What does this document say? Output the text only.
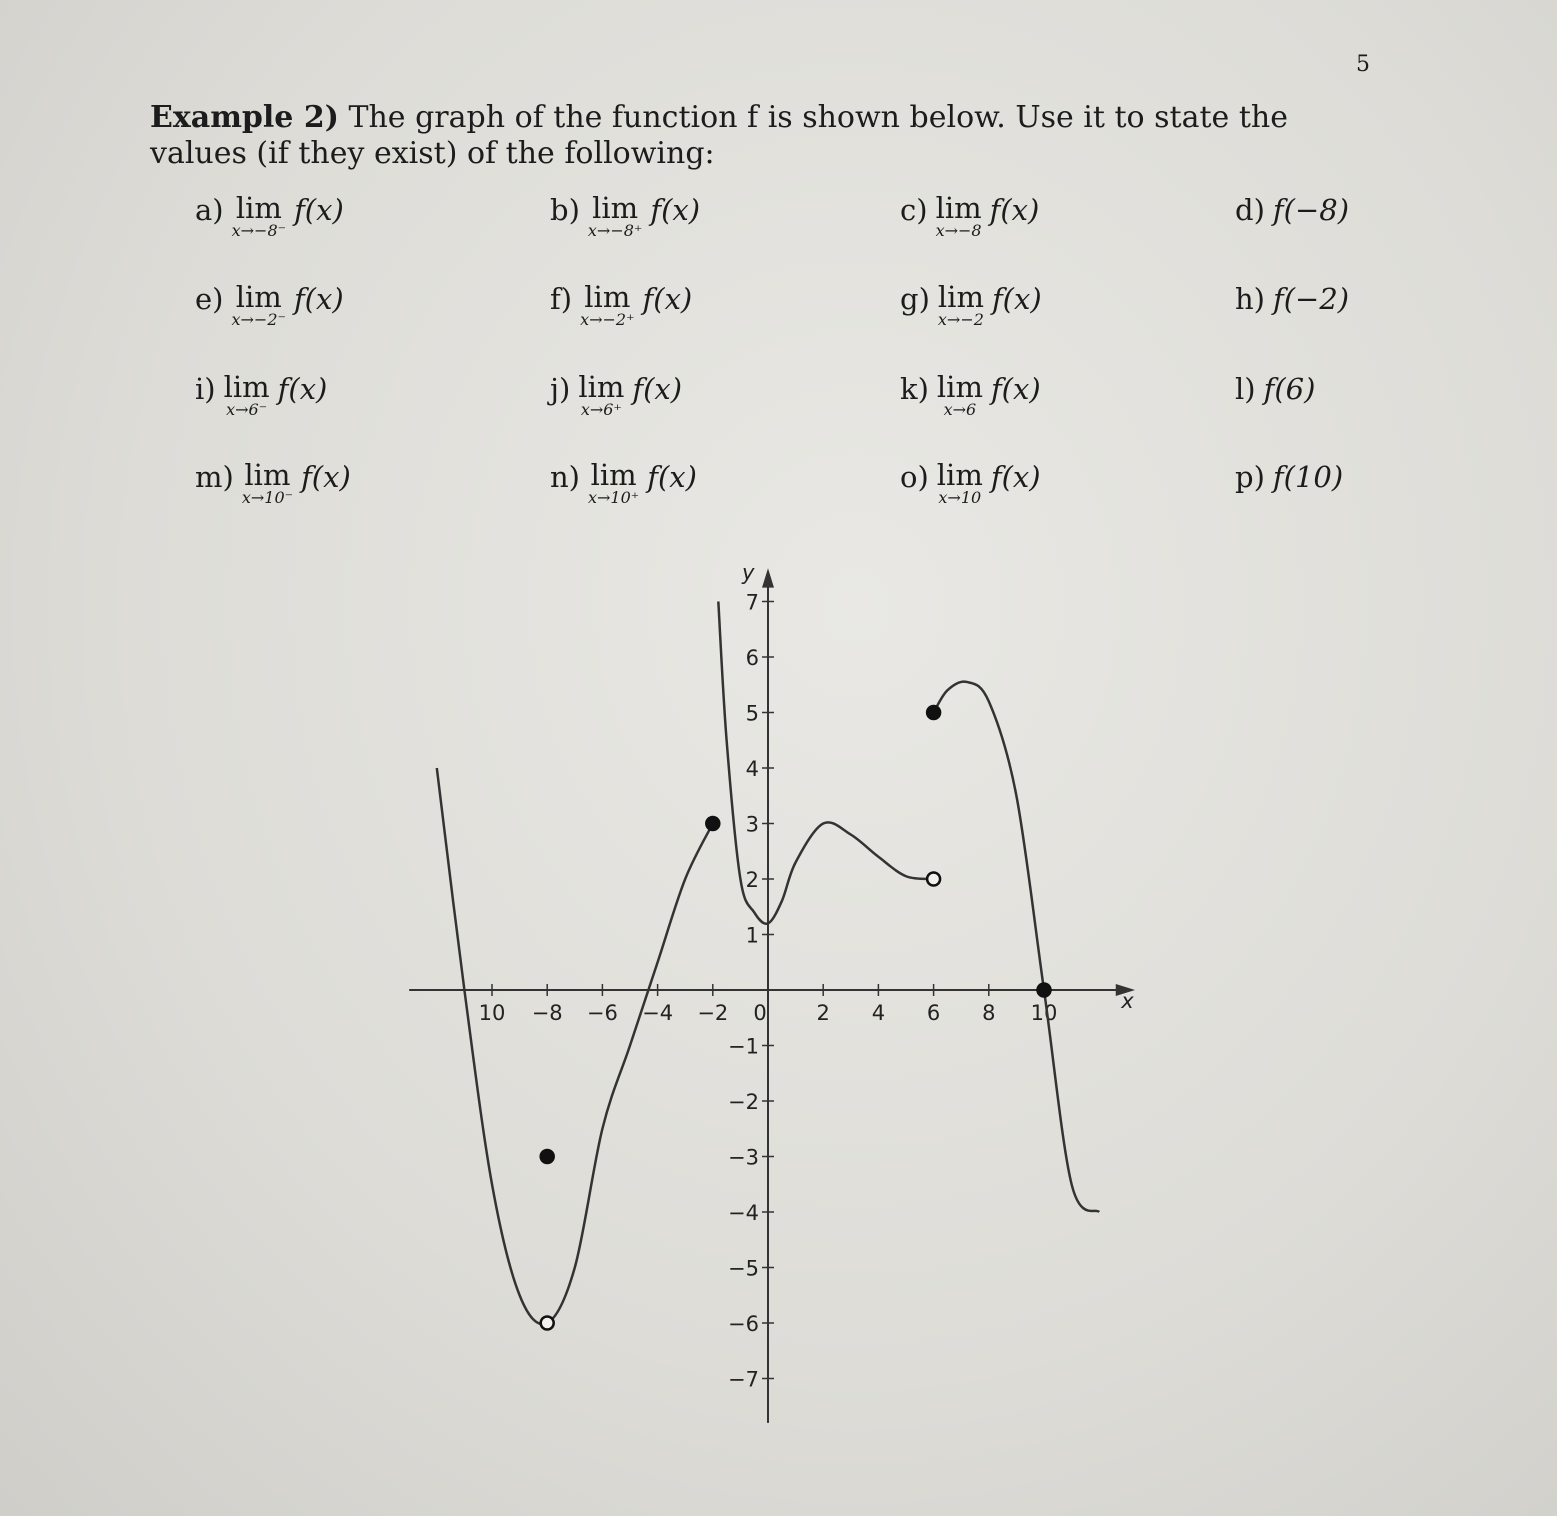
5
Example 2) The graph of the function f is shown below. Use it to state the values (if they exist) of the following:
a) lim
x→−8⁻
f(x)	b) lim
x→−8⁺
f(x)	c) lim
x→−8
f(x)	d) f(−8)
e) lim
x→−2⁻
f(x)	f) lim
x→−2⁺
f(x)	g) lim
x→−2
f(x)	h) f(−2)
i) lim
x→6⁻
f(x)	j) lim
x→6⁺
f(x)	k) lim
x→6
f(x)	l) f(6)
m) lim
x→10⁻
f(x)	n) lim
x→10⁺
f(x)	o) lim
x→10
f(x)	p) f(10)
x
y
10 −8 −6 −4 −2 0 2 4 6 8 10
−7
−6
−5
−4
−3
−2
−1
1
2
3
4
5
6
7
